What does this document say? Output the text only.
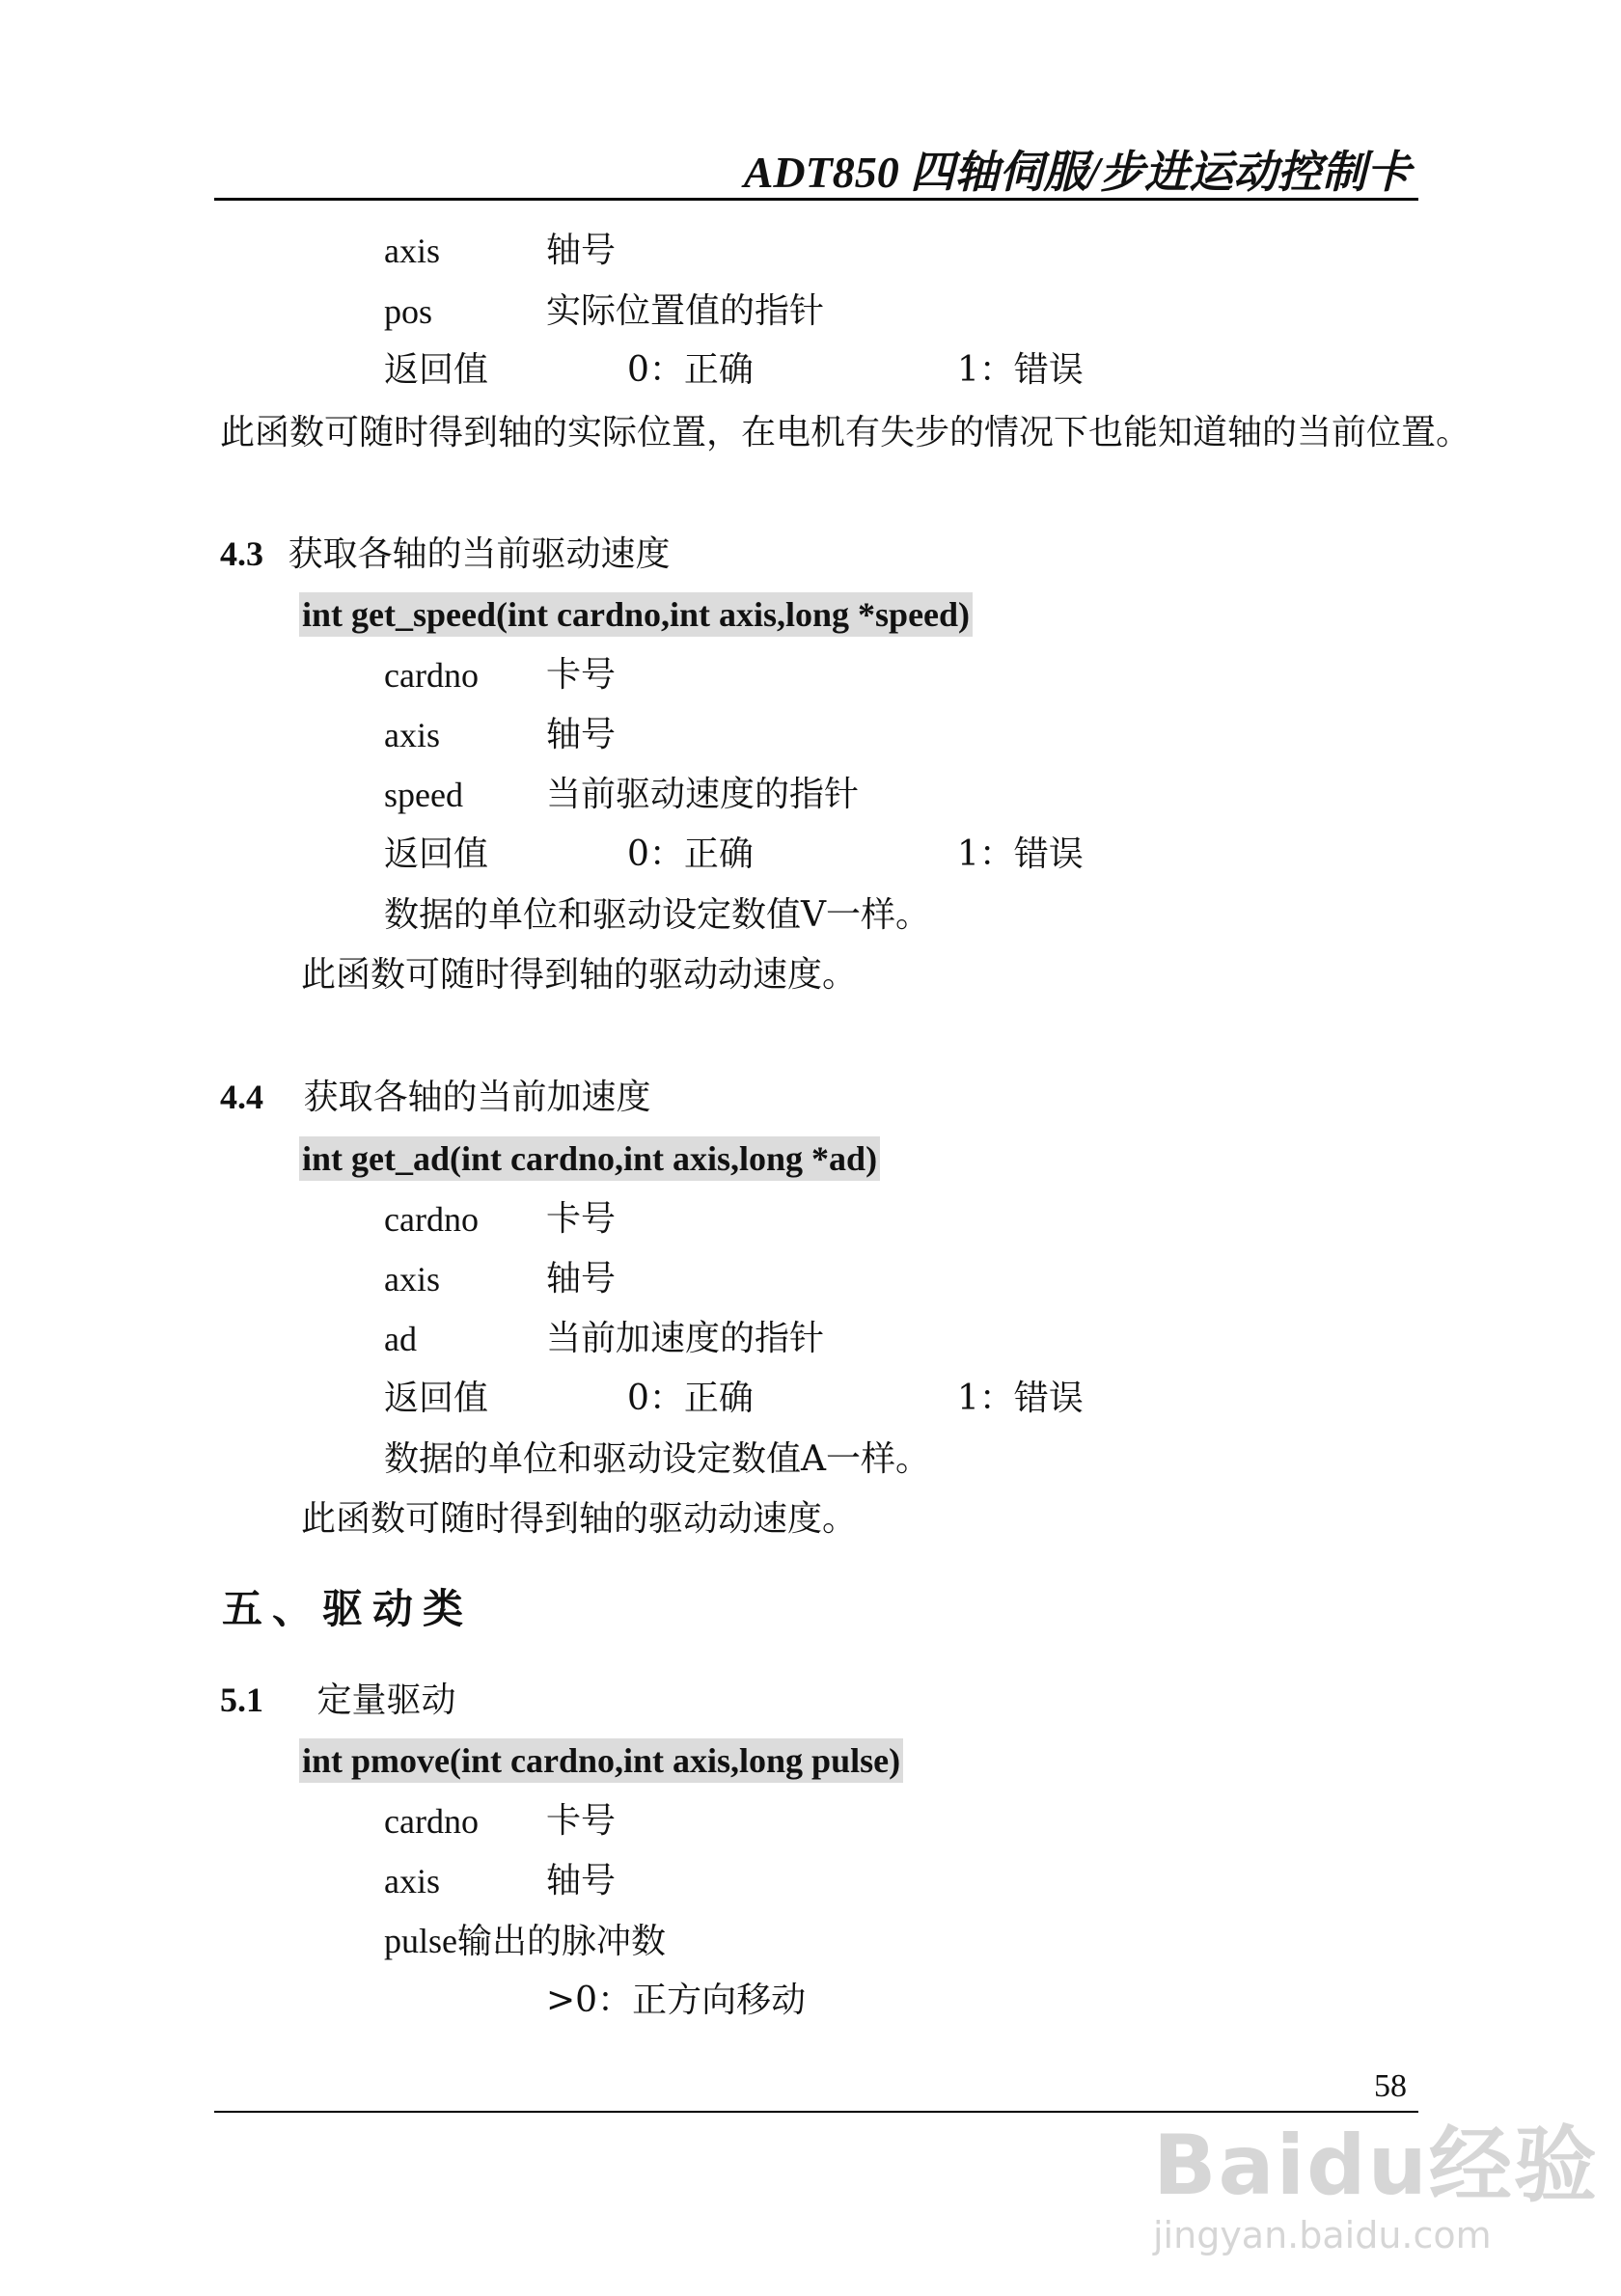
ADT850 四轴伺服/步进运动控制卡
axis	轴号
pos	实际位置值的指针
返回值	0：正确	1：错误
此函数可随时得到轴的实际位置，在电机有失步的情况下也能知道轴的当前位置。
4.3 获取各轴的当前驱动速度
int get_speed(int cardno,int axis,long *speed)
cardno 卡号
axis	轴号
speed 当前驱动速度的指针
返回值	0：正确	1：错误
数据的单位和驱动设定数值V一样。
此函数可随时得到轴的驱动动速度。
4.4 获取各轴的当前加速度
int get_ad(int cardno,int axis,long *ad)
cardno 卡号
axis	轴号
ad	当前加速度的指针
返回值	0：正确	1：错误
数据的单位和驱动设定数值A一样。
此函数可随时得到轴的驱动动速度。
五、驱动类
5.1 定量驱动
int pmove(int cardno,int axis,long pulse)
cardno 卡号
axis	轴号
pulse输出的脉冲数
>0：正方向移动
58
Baidu经验
jingyan.baidu.com
